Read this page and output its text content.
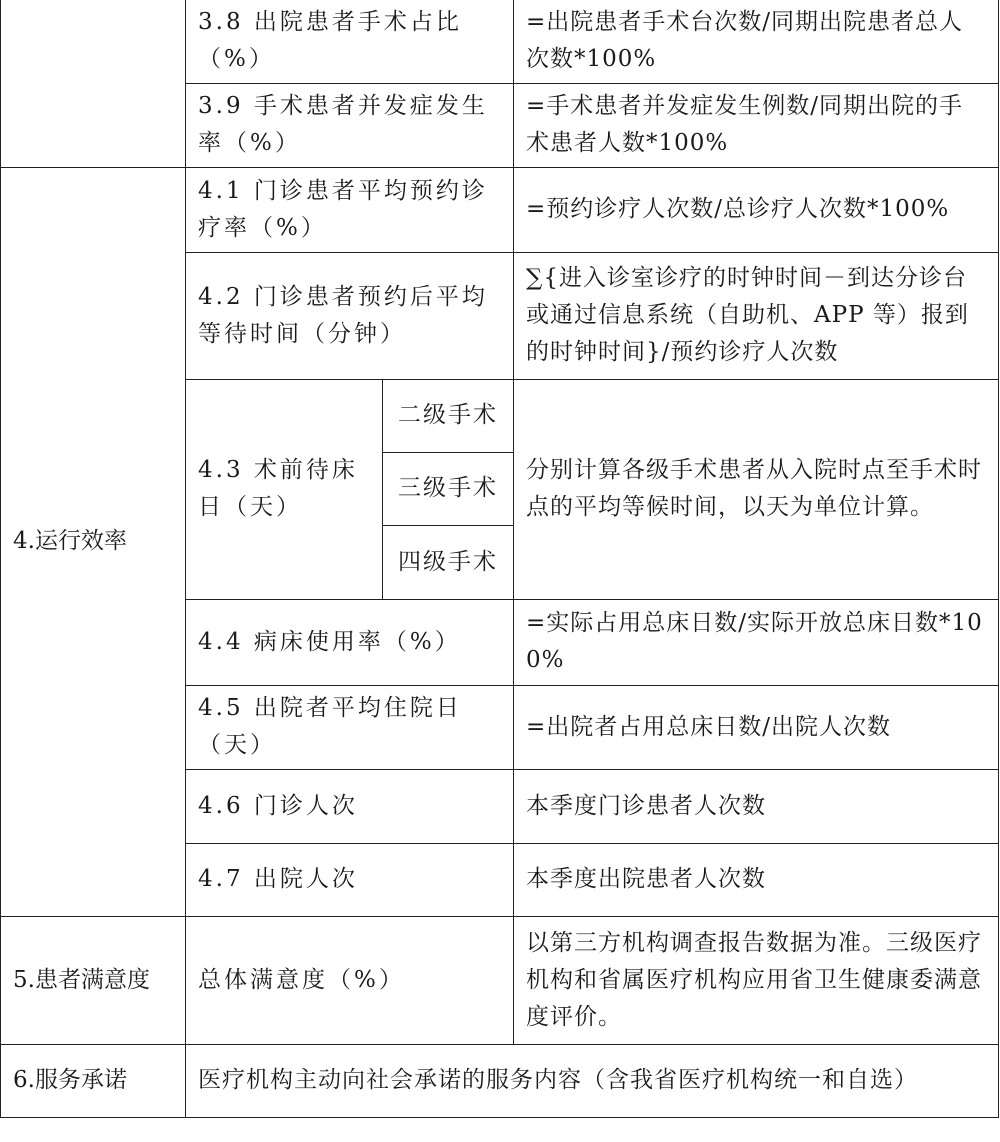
	3.8 出院患者手术占比（%）		=出院患者手术台次数/同期出院患者总人次数*100%
	3.9 手术患者并发症发生率（%）		=手术患者并发症发生例数/同期出院的手术患者人数*100%
4.运行效率	4.1 门诊患者平均预约诊疗率（%）		=预约诊疗人次数/总诊疗人次数*100%
	4.2 门诊患者预约后平均等待时间（分钟）		∑{进入诊室诊疗的时钟时间－到达分诊台或通过信息系统（自助机、APP 等）报到的时钟时间}/预约诊疗人次数
	4.3 术前待床日（天）	二级手术	分别计算各级手术患者从入院时点至手术时点的平均等候时间，以天为单位计算。
		三级手术	
		四级手术	
	4.4 病床使用率（%）		=实际占用总床日数/实际开放总床日数*100%
	4.5 出院者平均住院日（天）		=出院者占用总床日数/出院人次数
	4.6 门诊人次		本季度门诊患者人次数
	4.7 出院人次		本季度出院患者人次数
5.患者满意度	总体满意度（%）		以第三方机构调查报告数据为准。三级医疗机构和省属医疗机构应用省卫生健康委满意度评价。
6.服务承诺	医疗机构主动向社会承诺的服务内容（含我省医疗机构统一和自选）		
